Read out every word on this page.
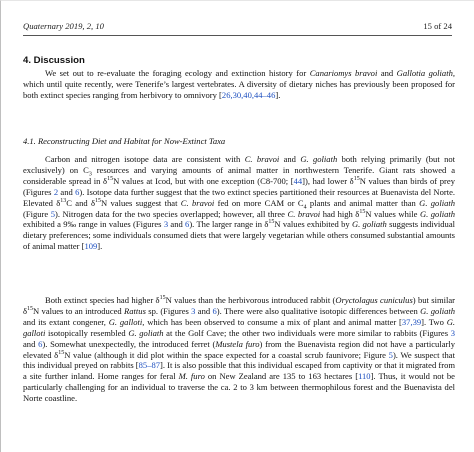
Quaternary 2019, 2, 10	15 of 24
4. Discussion

We set out to re-evaluate the foraging ecology and extinction history for Canariomys bravoi and Gallotia goliath, which until quite recently, were Tenerife’s largest vertebrates. A diversity of dietary niches has previously been proposed for both extinct species ranging from herbivory to omnivory [26,30,40,44–46].

4.1. Reconstructing Diet and Habitat for Now-Extinct Taxa

Carbon and nitrogen isotope data are consistent with C. bravoi and G. goliath both relying primarily (but not exclusively) on $C_3$ resources and varying amounts of animal matter in northwestern Tenerife. Giant rats showed a considerable spread in $\delta^{15}N$ values at Icod, but with one exception (C8-700; [44]), had lower $\delta^{15}N$ values than birds of prey (Figures 2 and 6). Isotope data further suggest that the two extinct species partitioned their resources at Buenavista del Norte. Elevated $\delta^{13}C$ and $\delta^{15}N$ values suggest that C. bravoi fed on more CAM or $C_4$ plants and animal matter than G. goliath (Figure 5). Nitrogen data for the two species overlapped; however, all three C. bravoi had high $\delta^{15}N$ values while G. goliath exhibited a 9‰ range in values (Figures 3 and 6). The larger range in $\delta^{15}N$ values exhibited by G. goliath suggests individual dietary preferences; some individuals consumed diets that were largely vegetarian while others consumed substantial amounts of animal matter [109].

Both extinct species had higher $\delta^{15}N$ values than the herbivorous introduced rabbit (Oryctolagus cuniculus) but similar $\delta^{15}N$ values to an introduced Rattus sp. (Figures 3 and 6). There were also qualitative isotopic differences between G. goliath and its extant congener, G. galloti, which has been observed to consume a mix of plant and animal matter [37,39]. Two G. galloti isotopically resembled G. goliath at the Golf Cave; the other two individuals were more similar to rabbits (Figures 3 and 6). Somewhat unexpectedly, the introduced ferret (Mustela furo) from the Buenavista region did not have a particularly elevated $\delta^{15}N$ value (although it did plot within the space expected for a coastal scrub faunivore; Figure 5). We suspect that this individual preyed on rabbits [85–87]. It is also possible that this individual escaped from captivity or that it migrated from a site further inland. Home ranges for feral M. furo on New Zealand are 135 to 163 hectares [110]. Thus, it would not be particularly challenging for an individual to traverse the ca. 2 to 3 km between thermophilous forest and the Buenavista del Norte coastline.
